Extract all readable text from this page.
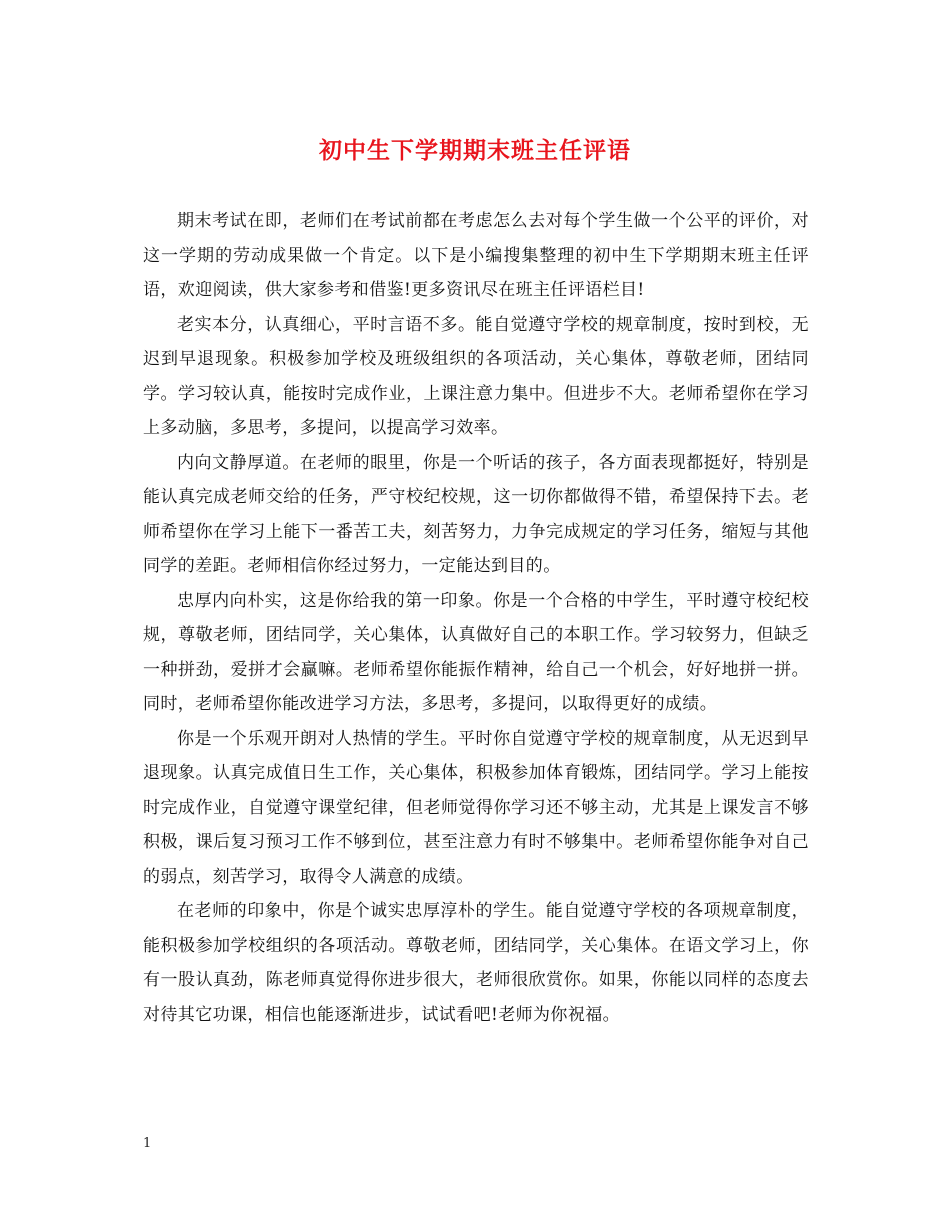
初中生下学期期末班主任评语

期末考试在即，老师们在考试前都在考虑怎么去对每个学生做一个公平的评价，对这一学期的劳动成果做一个肯定。以下是小编搜集整理的初中生下学期期末班主任评语，欢迎阅读，供大家参考和借鉴!更多资讯尽在班主任评语栏目!

老实本分，认真细心，平时言语不多。能自觉遵守学校的规章制度，按时到校，无迟到早退现象。积极参加学校及班级组织的各项活动，关心集体，尊敬老师，团结同学。学习较认真，能按时完成作业，上课注意力集中。但进步不大。老师希望你在学习上多动脑，多思考，多提问，以提高学习效率。

内向文静厚道。在老师的眼里，你是一个听话的孩子，各方面表现都挺好，特别是能认真完成老师交给的任务，严守校纪校规，这一切你都做得不错，希望保持下去。老师希望你在学习上能下一番苦工夫，刻苦努力，力争完成规定的学习任务，缩短与其他同学的差距。老师相信你经过努力，一定能达到目的。

忠厚内向朴实，这是你给我的第一印象。你是一个合格的中学生，平时遵守校纪校规，尊敬老师，团结同学，关心集体，认真做好自己的本职工作。学习较努力，但缺乏一种拼劲，爱拼才会赢嘛。老师希望你能振作精神，给自己一个机会，好好地拼一拼。同时，老师希望你能改进学习方法，多思考，多提问，以取得更好的成绩。

你是一个乐观开朗对人热情的学生。平时你自觉遵守学校的规章制度，从无迟到早退现象。认真完成值日生工作，关心集体，积极参加体育锻炼，团结同学。学习上能按时完成作业，自觉遵守课堂纪律，但老师觉得你学习还不够主动，尤其是上课发言不够积极，课后复习预习工作不够到位，甚至注意力有时不够集中。老师希望你能争对自己的弱点，刻苦学习，取得令人满意的成绩。

在老师的印象中，你是个诚实忠厚淳朴的学生。能自觉遵守学校的各项规章制度，能积极参加学校组织的各项活动。尊敬老师，团结同学，关心集体。在语文学习上，你有一股认真劲，陈老师真觉得你进步很大，老师很欣赏你。如果，你能以同样的态度去对待其它功课，相信也能逐渐进步，试试看吧!老师为你祝福。

1
